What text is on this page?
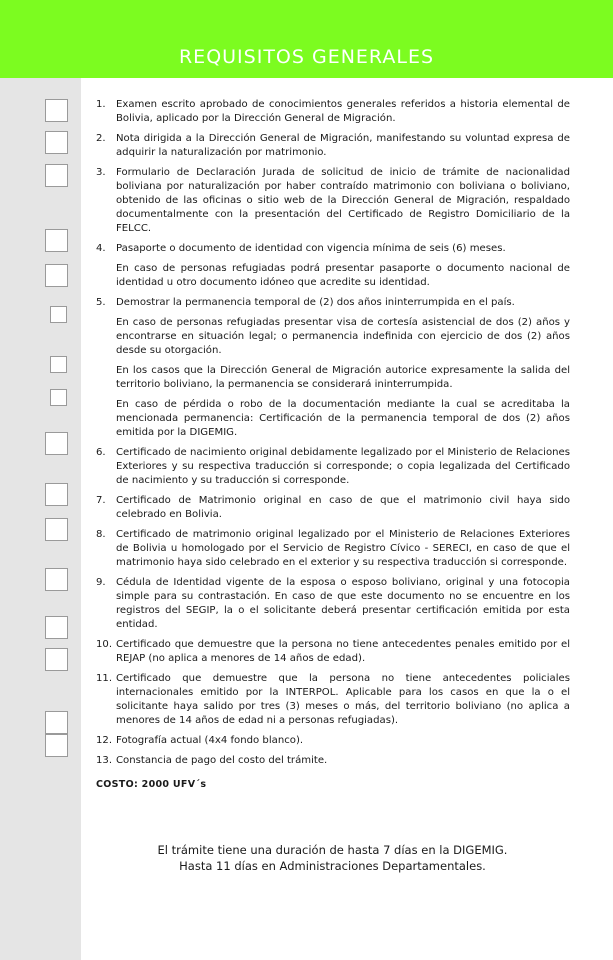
REQUISITOS GENERALES
1.	Examen escrito aprobado de conocimientos generales referidos a historia elemental de Bolivia, aplicado por la Dirección General de Migración.
2.	Nota dirigida a la Dirección General de Migración, manifestando su voluntad expresa de adquirir la naturalización por matrimonio.
3.	Formulario de Declaración Jurada de solicitud de inicio de trámite de nacionalidad boliviana por naturalización por haber contraído matrimonio con boliviana o boliviano, obtenido de las oficinas o sitio web de la Dirección General de Migración, respaldado documentalmente con la presentación del Certificado de Registro Domiciliario de la FELCC.
4.	Pasaporte o documento de identidad con vigencia mínima de seis (6) meses.
En caso de personas refugiadas podrá presentar pasaporte o documento nacional de identidad u otro documento idóneo que acredite su identidad.
5.	Demostrar la permanencia temporal de (2) dos años ininterrumpida en el país.
En caso de personas refugiadas presentar visa de cortesía asistencial de dos (2) años y encontrarse en situación legal; o permanencia indefinida con ejercicio de dos (2) años desde su otorgación.
En los casos que la Dirección General de Migración autorice expresamente la salida del territorio boliviano, la permanencia se considerará ininterrumpida.
En caso de pérdida o robo de la documentación mediante la cual se acreditaba la mencionada permanencia: Certificación de la permanencia temporal de dos (2) años emitida por la DIGEMIG.
6.	Certificado de nacimiento original debidamente legalizado por el Ministerio de Relaciones Exteriores y su respectiva traducción si corresponde; o copia legalizada del Certificado de nacimiento y su traducción si corresponde.
7.	Certificado de Matrimonio original en caso de que el matrimonio civil haya sido celebrado en Bolivia.
8.	Certificado de matrimonio original legalizado por el Ministerio de Relaciones Exteriores de Bolivia u homologado por el Servicio de Registro Cívico - SERECI, en caso de que el matrimonio haya sido celebrado en el exterior y su respectiva traducción si corresponde.
9.	Cédula de Identidad vigente de la esposa o esposo boliviano, original y una fotocopia simple para su contrastación. En caso de que este documento no se encuentre en los registros del SEGIP, la o el solicitante deberá presentar certificación emitida por esta entidad.
10. Certificado que demuestre que la persona no tiene antecedentes penales emitido por el REJAP (no aplica a menores de 14 años de edad).
11. Certificado que demuestre que la persona no tiene antecedentes policiales internacionales emitido por la INTERPOL. Aplicable para los casos en que la o el solicitante haya salido por tres (3) meses o más, del territorio boliviano (no aplica a menores de 14 años de edad ni a personas refugiadas).
12. Fotografía actual (4x4 fondo blanco).
13. Constancia de pago del costo del trámite.
COSTO: 2000 UFV´s
El trámite tiene una duración de hasta 7 días en la DIGEMIG.
Hasta 11 días en Administraciones Departamentales.
